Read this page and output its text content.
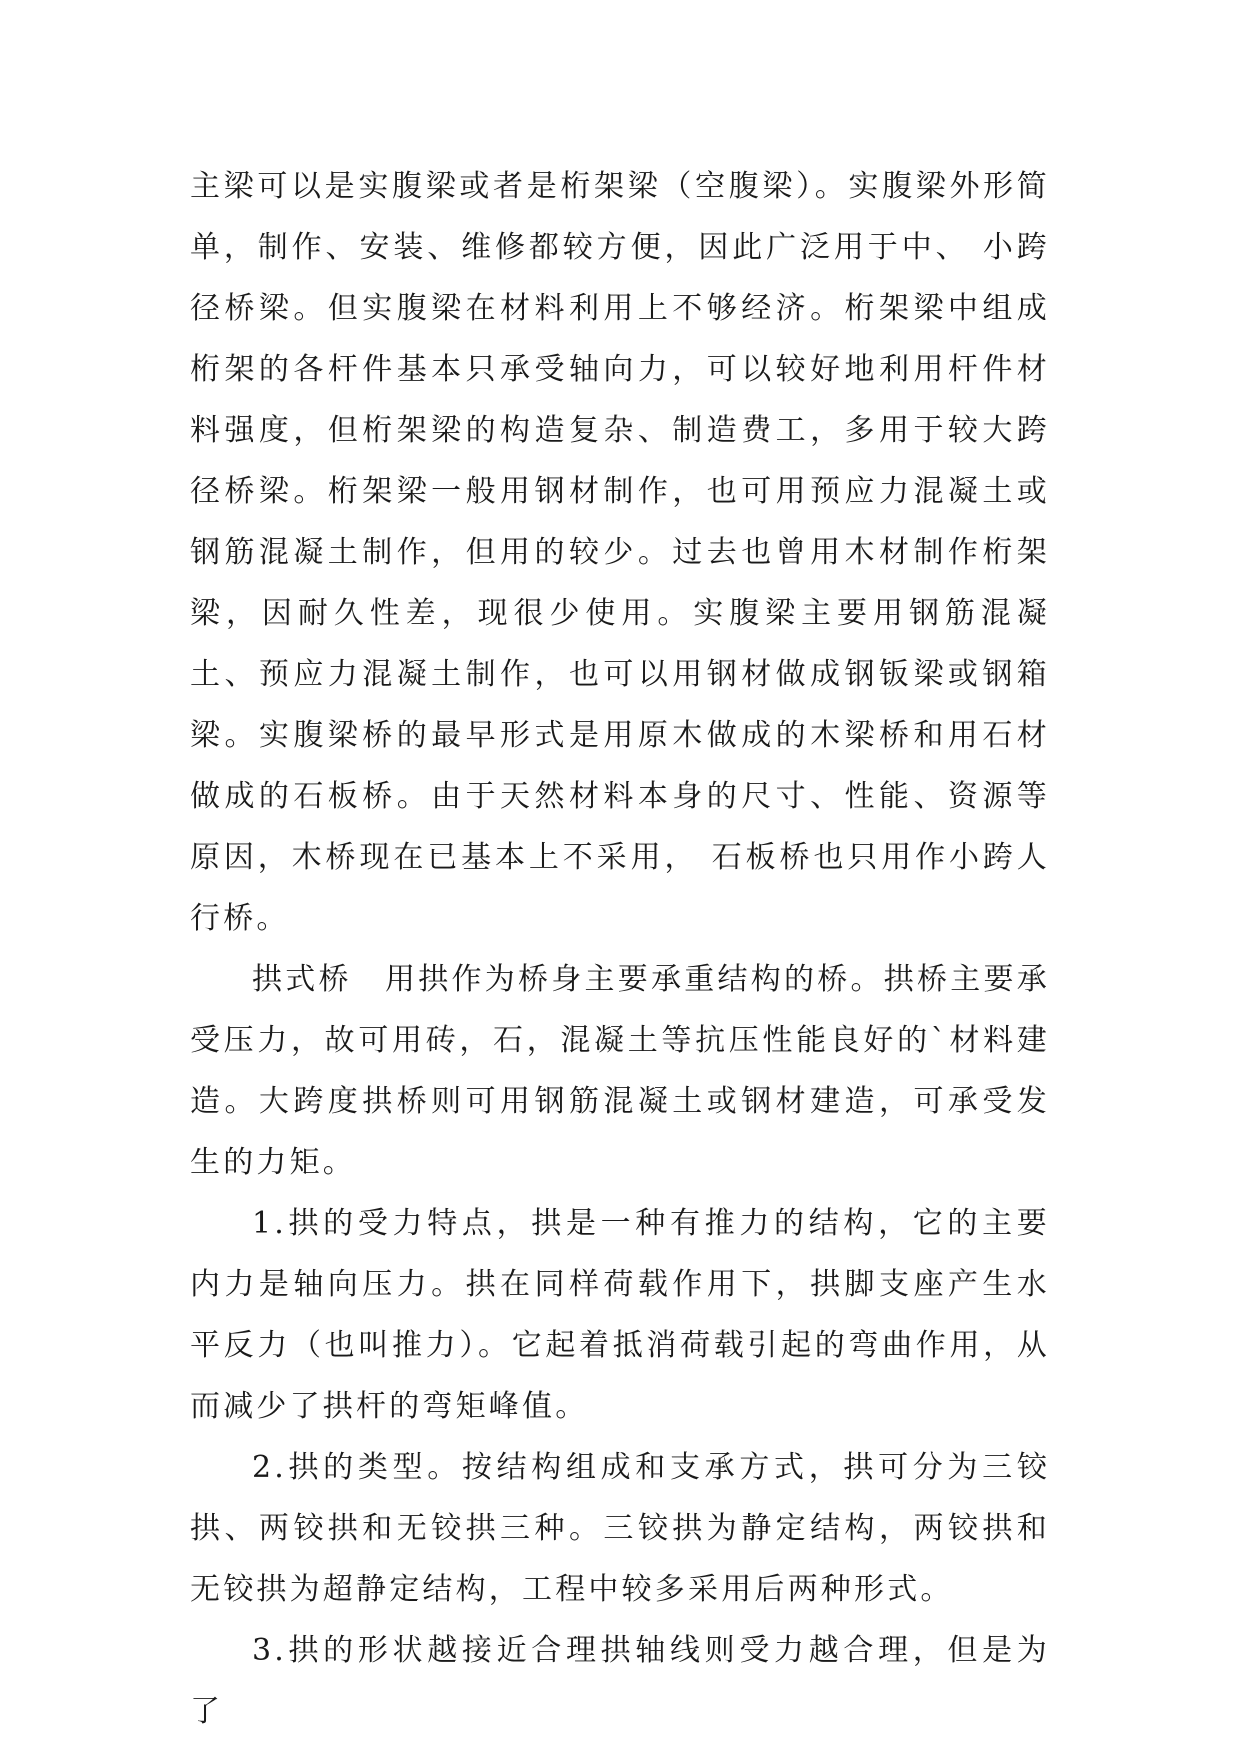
主梁可以是实腹梁或者是桁架梁（空腹梁）。实腹梁外形简单，制作、安装、维修都较方便，因此广泛用于中、 小跨径桥梁。但实腹梁在材料利用上不够经济。桁架梁中组成桁架的各杆件基本只承受轴向力，可以较好地利用杆件材料强度，但桁架梁的构造复杂、制造费工，多用于较大跨径桥梁。桁架梁一般用钢材制作，也可用预应力混凝土或钢筋混凝土制作，但用的较少。过去也曾用木材制作桁架梁，因耐久性差，现很少使用。实腹梁主要用钢筋混凝土、预应力混凝土制作，也可以用钢材做成钢钣梁或钢箱梁。实腹梁桥的最早形式是用原木做成的木梁桥和用石材做成的石板桥。由于天然材料本身的尺寸、性能、资源等原因，木桥现在已基本上不采用， 石板桥也只用作小跨人行桥。

拱式桥　用拱作为桥身主要承重结构的桥。拱桥主要承受压力，故可用砖，石，混凝土等抗压性能良好的`材料建造。大跨度拱桥则可用钢筋混凝土或钢材建造，可承受发生的力矩。

1.拱的受力特点，拱是一种有推力的结构，它的主要内力是轴向压力。拱在同样荷载作用下，拱脚支座产生水平反力（也叫推力）。它起着抵消荷载引起的弯曲作用，从而减少了拱杆的弯矩峰值。

2.拱的类型。按结构组成和支承方式，拱可分为三铰拱、两铰拱和无铰拱三种。三铰拱为静定结构，两铰拱和无铰拱为超静定结构，工程中较多采用后两种形式。

3.拱的形状越接近合理拱轴线则受力越合理，但是为了
